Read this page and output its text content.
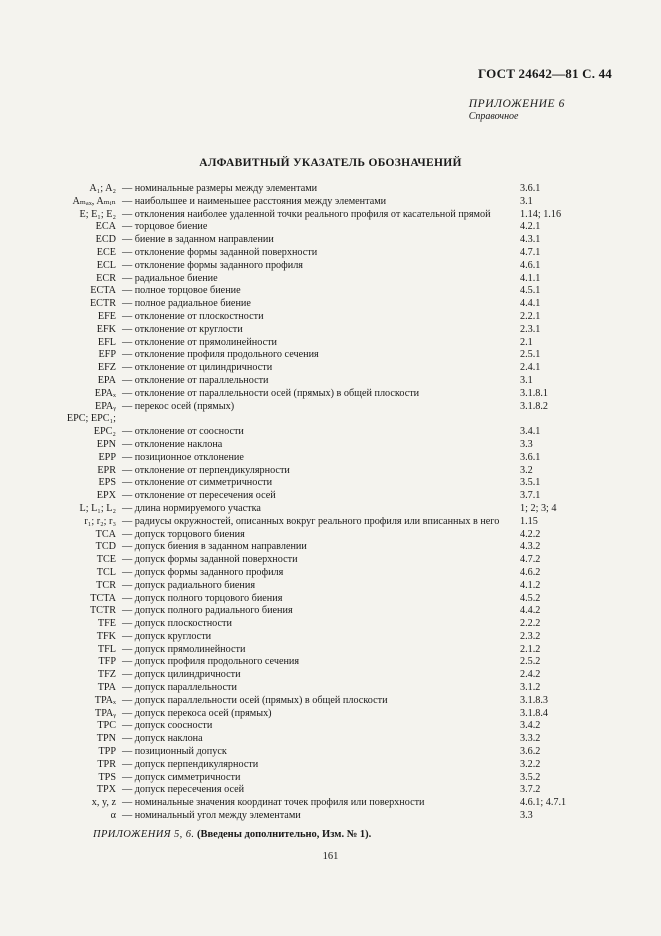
ГОСТ 24642—81 С. 44
ПРИЛОЖЕНИЕ 6
Справочное
АЛФАВИТНЫЙ УКАЗАТЕЛЬ ОБОЗНАЧЕНИЙ
A₁; A₂ — номинальные размеры между элементами	3.6.1
Aₘₐₓ, Aₘᵢₙ — наибольшее и наименьшее расстояния между элементами	3.1
E; E₁; E₂ — отклонения наиболее удаленной точки реального профиля от касательной прямой	1.14; 1.16
ECA — торцовое биение	4.2.1
ECD — биение в заданном направлении	4.3.1
ECE — отклонение формы заданной поверхности	4.7.1
ECL — отклонение формы заданного профиля	4.6.1
ECR — радиальное биение	4.1.1
ECTA — полное торцовое биение	4.5.1
ECTR — полное радиальное биение	4.4.1
EFE — отклонение от плоскостности	2.2.1
EFK — отклонение от круглости	2.3.1
EFL — отклонение от прямолинейности	2.1
EFP — отклонение профиля продольного сечения	2.5.1
EFZ — отклонение от цилиндричности	2.4.1
EPA — отклонение от параллельности	3.1
EPAₓ — отклонение от параллельности осей (прямых) в общей плоскости	3.1.8.1
EPAᵧ — перекос осей (прямых)	3.1.8.2
EPC; EPC₁;
EPC₂ — отклонение от соосности	3.4.1
EPN — отклонение наклона	3.3
EPP — позиционное отклонение	3.6.1
EPR — отклонение от перпендикулярности	3.2
EPS — отклонение от симметричности	3.5.1
EPX — отклонение от пересечения осей	3.7.1
L; L₁; L₂ — длина нормируемого участка	1; 2; 3; 4
r₁; r₂; r₃ — радиусы окружностей, описанных вокруг реального профиля или вписанных в него 1.15
TCA — допуск торцового биения	4.2.2
TCD — допуск биения в заданном направлении	4.3.2
TCE — допуск формы заданной поверхности	4.7.2
TCL — допуск формы заданного профиля	4.6.2
TCR — допуск радиального биения	4.1.2
TCTA — допуск полного торцового биения	4.5.2
TCTR — допуск полного радиального биения	4.4.2
TFE — допуск плоскостности	2.2.2
TFK — допуск круглости	2.3.2
TFL — допуск прямолинейности	2.1.2
TFP — допуск профиля продольного сечения	2.5.2
TFZ — допуск цилиндричности	2.4.2
TPA — допуск параллельности	3.1.2
TPAₓ — допуск параллельности осей (прямых) в общей плоскости	3.1.8.3
TPAᵧ — допуск перекоса осей (прямых)	3.1.8.4
TPC — допуск соосности	3.4.2
TPN — допуск наклона	3.3.2
TPP — позиционный допуск	3.6.2
TPR — допуск перпендикулярности	3.2.2
TPS — допуск симметричности	3.5.2
TPX — допуск пересечения осей	3.7.2
x, y, z — номинальные значения координат точек профиля или поверхности	4.6.1; 4.7.1
α — номинальный угол между элементами	3.3
ПРИЛОЖЕНИЯ 5, 6. (Введены дополнительно, Изм. № 1).
161
